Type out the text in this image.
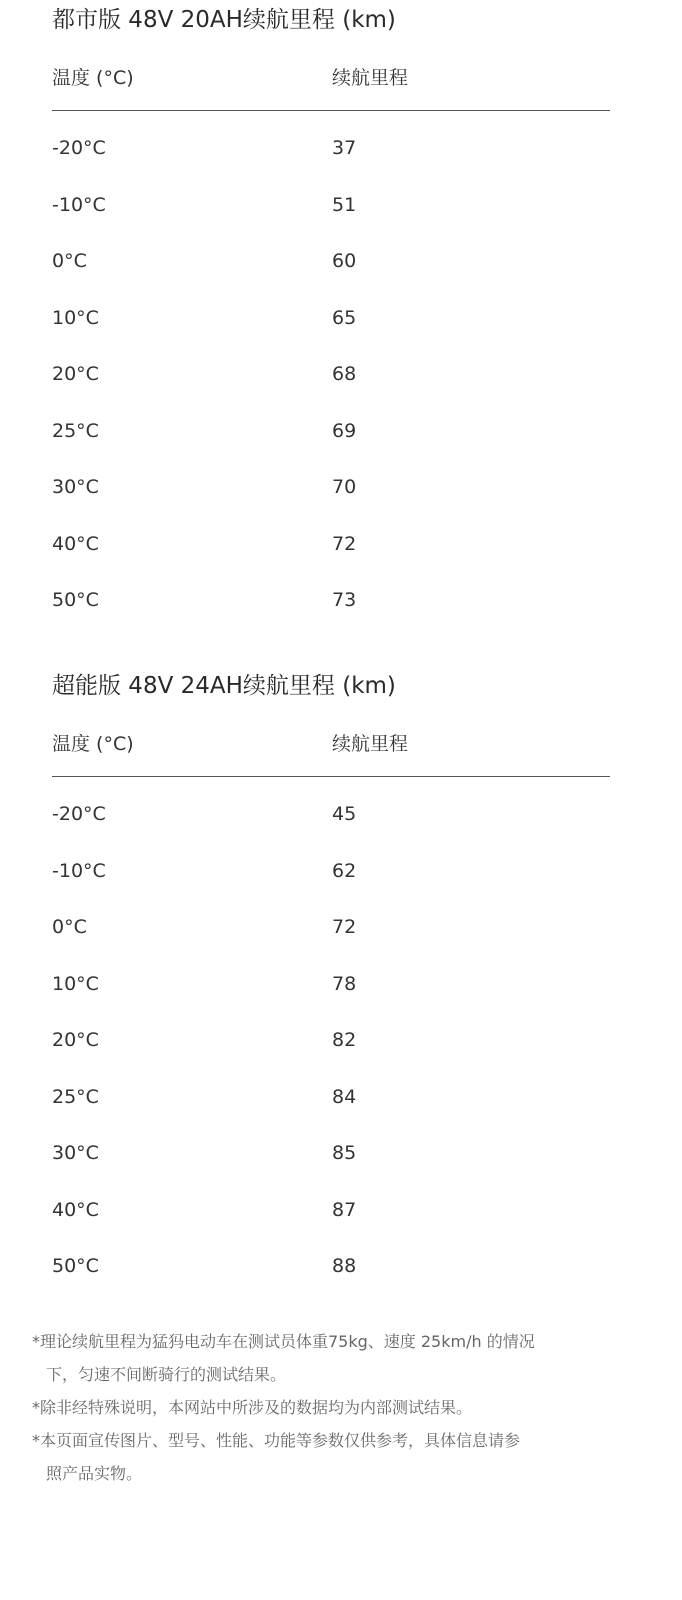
都市版 48V 20AH续航里程 (km)
温度 (°C)	续航里程
-20°C	37
-10°C	51
0°C	60
10°C	65
20°C	68
25°C	69
30°C	70
40°C	72
50°C	73
超能版 48V 24AH续航里程 (km)
温度 (°C)	续航里程
-20°C	45
-10°C	62
0°C	72
10°C	78
20°C	82
25°C	84
30°C	85
40°C	87
50°C	88

*理论续航里程为猛犸电动车在测试员体重75kg、速度 25km/h 的情况
下，匀速不间断骑行的测试结果。

*除非经特殊说明，本网站中所涉及的数据均为内部测试结果。

*本页面宣传图片、型号、性能、功能等参数仅供参考，具体信息请参
照产品实物。
